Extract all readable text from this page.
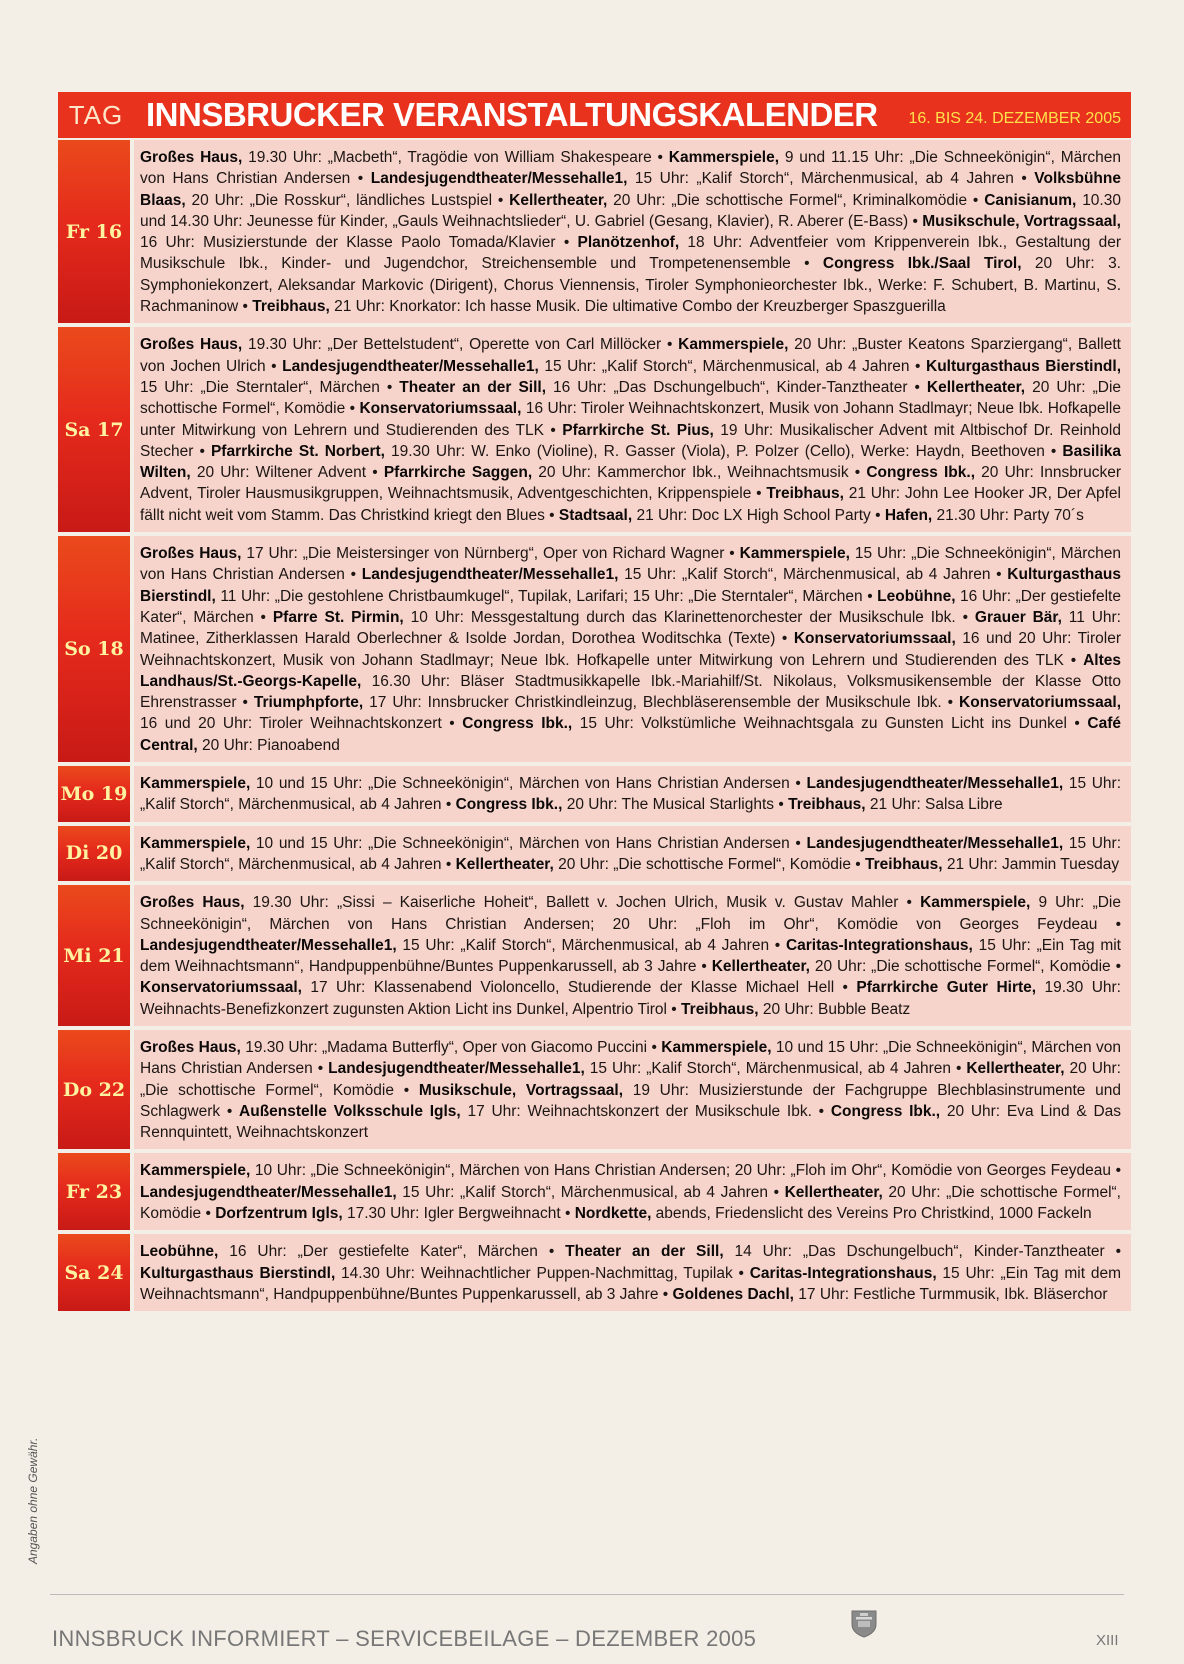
TAG INNSBRUCKER VERANSTALTUNGSKALENDER 16. BIS 24. DEZEMBER 2005
Fr 16
Großes Haus, 19.30 Uhr: „Macbeth“, Tragödie von William Shakespeare • Kammerspiele, 9 und 11.15 Uhr: „Die Schneekönigin“, Märchen von Hans Christian Andersen • Landesjugendtheater/Messehalle1, 15 Uhr: „Kalif Storch“, Märchenmusical, ab 4 Jahren • Volksbühne Blaas, 20 Uhr: „Die Rosskur“, ländliches Lustspiel • Kellertheater, 20 Uhr: „Die schottische Formel“, Kriminalkomödie • Canisianum, 10.30 und 14.30 Uhr: Jeunesse für Kinder, „Gauls Weihnachtslieder“, U. Gabriel (Gesang, Klavier), R. Aberer (E-Bass) • Musikschule, Vortragssaal, 16 Uhr: Musizierstunde der Klasse Paolo Tomada/Klavier • Planötzenhof, 18 Uhr: Adventfeier vom Krippenverein Ibk., Gestaltung der Musikschule Ibk., Kinder- und Jugendchor, Streichensemble und Trompetenensemble • Congress Ibk./Saal Tirol, 20 Uhr: 3. Symphoniekonzert, Aleksandar Markovic (Dirigent), Chorus Viennensis, Tiroler Symphonieorchester Ibk., Werke: F. Schubert, B. Martinu, S. Rachmaninow • Treibhaus, 21 Uhr: Knorkator: Ich hasse Musik. Die ultimative Combo der Kreuzberger Spaszguerilla
Sa 17
Großes Haus, 19.30 Uhr: „Der Bettelstudent“, Operette von Carl Millöcker • Kammerspiele, 20 Uhr: „Buster Keatons Sparziergang“, Ballett von Jochen Ulrich • Landesjugendtheater/Messehalle1, 15 Uhr: „Kalif Storch“, Märchenmusical, ab 4 Jahren • Kulturgasthaus Bierstindl, 15 Uhr: „Die Sterntaler“, Märchen • Theater an der Sill, 16 Uhr: „Das Dschungelbuch“, Kinder-Tanztheater • Kellertheater, 20 Uhr: „Die schottische Formel“, Komödie • Konservatoriumssaal, 16 Uhr: Tiroler Weihnachtskonzert, Musik von Johann Stadlmayr; Neue Ibk. Hofkapelle unter Mitwirkung von Lehrern und Studierenden des TLK • Pfarrkirche St. Pius, 19 Uhr: Musikalischer Advent mit Altbischof Dr. Reinhold Stecher • Pfarrkirche St. Norbert, 19.30 Uhr: W. Enko (Violine), R. Gasser (Viola), P. Polzer (Cello), Werke: Haydn, Beethoven • Basilika Wilten, 20 Uhr: Wiltener Advent • Pfarrkirche Saggen, 20 Uhr: Kammerchor Ibk., Weihnachtsmusik • Congress Ibk., 20 Uhr: Innsbrucker Advent, Tiroler Hausmusikgruppen, Weihnachtsmusik, Adventgeschichten, Krippenspiele • Treibhaus, 21 Uhr: John Lee Hooker JR, Der Apfel fällt nicht weit vom Stamm. Das Christkind kriegt den Blues • Stadtsaal, 21 Uhr: Doc LX High School Party • Hafen, 21.30 Uhr: Party 70´s
So 18
Großes Haus, 17 Uhr: „Die Meistersinger von Nürnberg“, Oper von Richard Wagner • Kammerspiele, 15 Uhr: „Die Schneekönigin“, Märchen von Hans Christian Andersen • Landesjugendtheater/Messehalle1, 15 Uhr: „Kalif Storch“, Märchenmusical, ab 4 Jahren • Kulturgasthaus Bierstindl, 11 Uhr: „Die gestohlene Christbaumkugel“, Tupilak, Larifari; 15 Uhr: „Die Sterntaler“, Märchen • Leobühne, 16 Uhr: „Der gestiefelte Kater“, Märchen • Pfarre St. Pirmin, 10 Uhr: Messgestaltung durch das Klarinettenorchester der Musikschule Ibk. • Grauer Bär, 11 Uhr: Matinee, Zitherklassen Harald Oberlechner & Isolde Jordan, Dorothea Woditschka (Texte) • Konservatoriumssaal, 16 und 20 Uhr: Tiroler Weihnachtskonzert, Musik von Johann Stadlmayr; Neue Ibk. Hofkapelle unter Mitwirkung von Lehrern und Studierenden des TLK • Altes Landhaus/St.-Georgs-Kapelle, 16.30 Uhr: Bläser Stadtmusikkapelle Ibk.-Mariahilf/St. Nikolaus, Volksmusikensemble der Klasse Otto Ehrenstrasser • Triumphpforte, 17 Uhr: Innsbrucker Christkindleinzug, Blechbläserensemble der Musikschule Ibk. • Konservatoriumssaal, 16 und 20 Uhr: Tiroler Weihnachtskonzert • Congress Ibk., 15 Uhr: Volkstümliche Weihnachtsgala zu Gunsten Licht ins Dunkel • Café Central, 20 Uhr: Pianoabend
Mo 19 Kammerspiele, 10 und 15 Uhr: „Die Schneekönigin“, Märchen von Hans Christian Andersen • Landesjugendtheater/Messehalle1, 15 Uhr: „Kalif Storch“, Märchenmusical, ab 4 Jahren • Congress Ibk., 20 Uhr: The Musical Starlights • Treibhaus, 21 Uhr: Salsa Libre
Di 20	Kammerspiele, 10 und 15 Uhr: „Die Schneekönigin“, Märchen von Hans Christian Andersen • Landesjugendtheater/Messehalle1, 15 Uhr: „Kalif Storch“, Märchenmusical, ab 4 Jahren • Kellertheater, 20 Uhr: „Die schottische Formel“, Komödie • Treibhaus, 21 Uhr: Jammin Tuesday
Mi 21
Großes Haus, 19.30 Uhr: „Sissi – Kaiserliche Hoheit“, Ballett v. Jochen Ulrich, Musik v. Gustav Mahler • Kammerspiele, 9 Uhr: „Die Schneekönigin“, Märchen von Hans Christian Andersen; 20 Uhr: „Floh im Ohr“, Komödie von Georges Feydeau • Landesjugendtheater/Messehalle1, 15 Uhr: „Kalif Storch“, Märchenmusical, ab 4 Jahren • Caritas-Integrationshaus, 15 Uhr: „Ein Tag mit dem Weihnachtsmann“, Handpuppenbühne/Buntes Puppenkarussell, ab 3 Jahre • Kellertheater, 20 Uhr: „Die schottische Formel“, Komödie • Konservatoriumssaal, 17 Uhr: Klassenabend Violoncello, Studierende der Klasse Michael Hell • Pfarrkirche Guter Hirte, 19.30 Uhr: Weihnachts-Benefizkonzert zugunsten Aktion Licht ins Dunkel, Alpentrio Tirol • Treibhaus, 20 Uhr: Bubble Beatz
Do 22
Großes Haus, 19.30 Uhr: „Madama Butterfly“, Oper von Giacomo Puccini • Kammerspiele, 10 und 15 Uhr: „Die Schneekönigin“, Märchen von Hans Christian Andersen • Landesjugendtheater/Messehalle1, 15 Uhr: „Kalif Storch“, Märchenmusical, ab 4 Jahren • Kellertheater, 20 Uhr: „Die schottische Formel“, Komödie • Musikschule, Vortragssaal, 19 Uhr: Musizierstunde der Fachgruppe Blechblasinstrumente und Schlagwerk • Außenstelle Volksschule Igls, 17 Uhr: Weihnachtskonzert der Musikschule Ibk. • Congress Ibk., 20 Uhr: Eva Lind & Das Rennquintett, Weihnachtskonzert
Fr 23
Kammerspiele, 10 Uhr: „Die Schneekönigin“, Märchen von Hans Christian Andersen; 20 Uhr: „Floh im Ohr“, Komödie von Georges Feydeau • Landesjugendtheater/Messehalle1, 15 Uhr: „Kalif Storch“, Märchenmusical, ab 4 Jahren • Kellertheater, 20 Uhr: „Die schottische Formel“, Komödie • Dorfzentrum Igls, 17.30 Uhr: Igler Bergweihnacht • Nordkette, abends, Friedenslicht des Vereins Pro Christkind, 1000 Fackeln
Sa 24
Leobühne, 16 Uhr: „Der gestiefelte Kater“, Märchen • Theater an der Sill, 14 Uhr: „Das Dschungelbuch“, Kinder-Tanztheater • Kulturgasthaus Bierstindl, 14.30 Uhr: Weihnachtlicher Puppen-Nachmittag, Tupilak • Caritas-Integrationshaus, 15 Uhr: „Ein Tag mit dem Weihnachtsmann“, Handpuppenbühne/Buntes Puppenkarussell, ab 3 Jahre • Goldenes Dachl, 17 Uhr: Festliche Turmmusik, Ibk. Bläserchor
Angaben ohne Gewähr.
INNSBRUCK INFORMIERT – SERVICEBEILAGE – DEZEMBER 2005	XIII
